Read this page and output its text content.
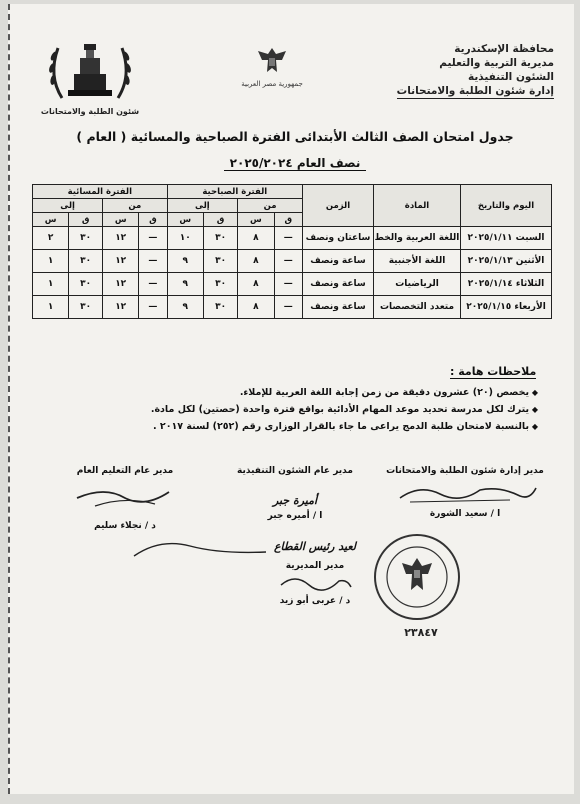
محافظة الإسكندرية
مديرية التربية والتعليم
الشئون التنفيذية
إدارة شئون الطلبة والامتحانات
جمهورية مصر العربية
شئون الطلبة والامتحانات
جدول امتحان الصف الثالث الأبتدائى الفترة الصباحية والمسائية ( العام )
نصف العام ٢٠٢٥/٢٠٢٤
اليوم والتاريخ	المادة	الزمن	الفترة الصباحية				الفترة المسائية			
			من		إلى		من		إلى	
			ق	س	ق	س	ق	س	ق	س
السبت ٢٠٢٥/١/١١	اللغة العربية والخط	ساعتان ونصف	—	٨	٣٠	١٠	—	١٢	٣٠	٢
الأثنين ٢٠٢٥/١/١٣	اللغة الأجنبية	ساعة ونصف	—	٨	٣٠	٩	—	١٢	٣٠	١
الثلاثاء ٢٠٢٥/١/١٤	الرياضيات	ساعة ونصف	—	٨	٣٠	٩	—	١٢	٣٠	١
الأربعاء ٢٠٢٥/١/١٥	متعدد التخصصات	ساعة ونصف	—	٨	٣٠	٩	—	١٢	٣٠	١
ملاحظات هامة :
◆ يخصص (٢٠) عشرون دقيقة من زمن إجابة اللغة العربية للإملاء.
◆ يترك لكل مدرسة تحديد موعد المهام الأدائية بواقع فترة واحدة (حصتين) لكل مادة.
◆ بالنسبة لامتحان طلبة الدمج يراعى ما جاء بالقرار الوزارى رقم (٢٥٢) لسنة ٢٠١٧ .
مدير إدارة شئون الطلبة والامتحانات
ا / سعيد الشورة
مدير عام الشئون التنفيذية
أميرة جبر
ا / أميره جبر
مدير عام التعليم العام
د / نجلاء سليم
لعيد رئيس القطاع
مدير المديرية
د / عربى أبو زيد
٢٣٨٤٧
